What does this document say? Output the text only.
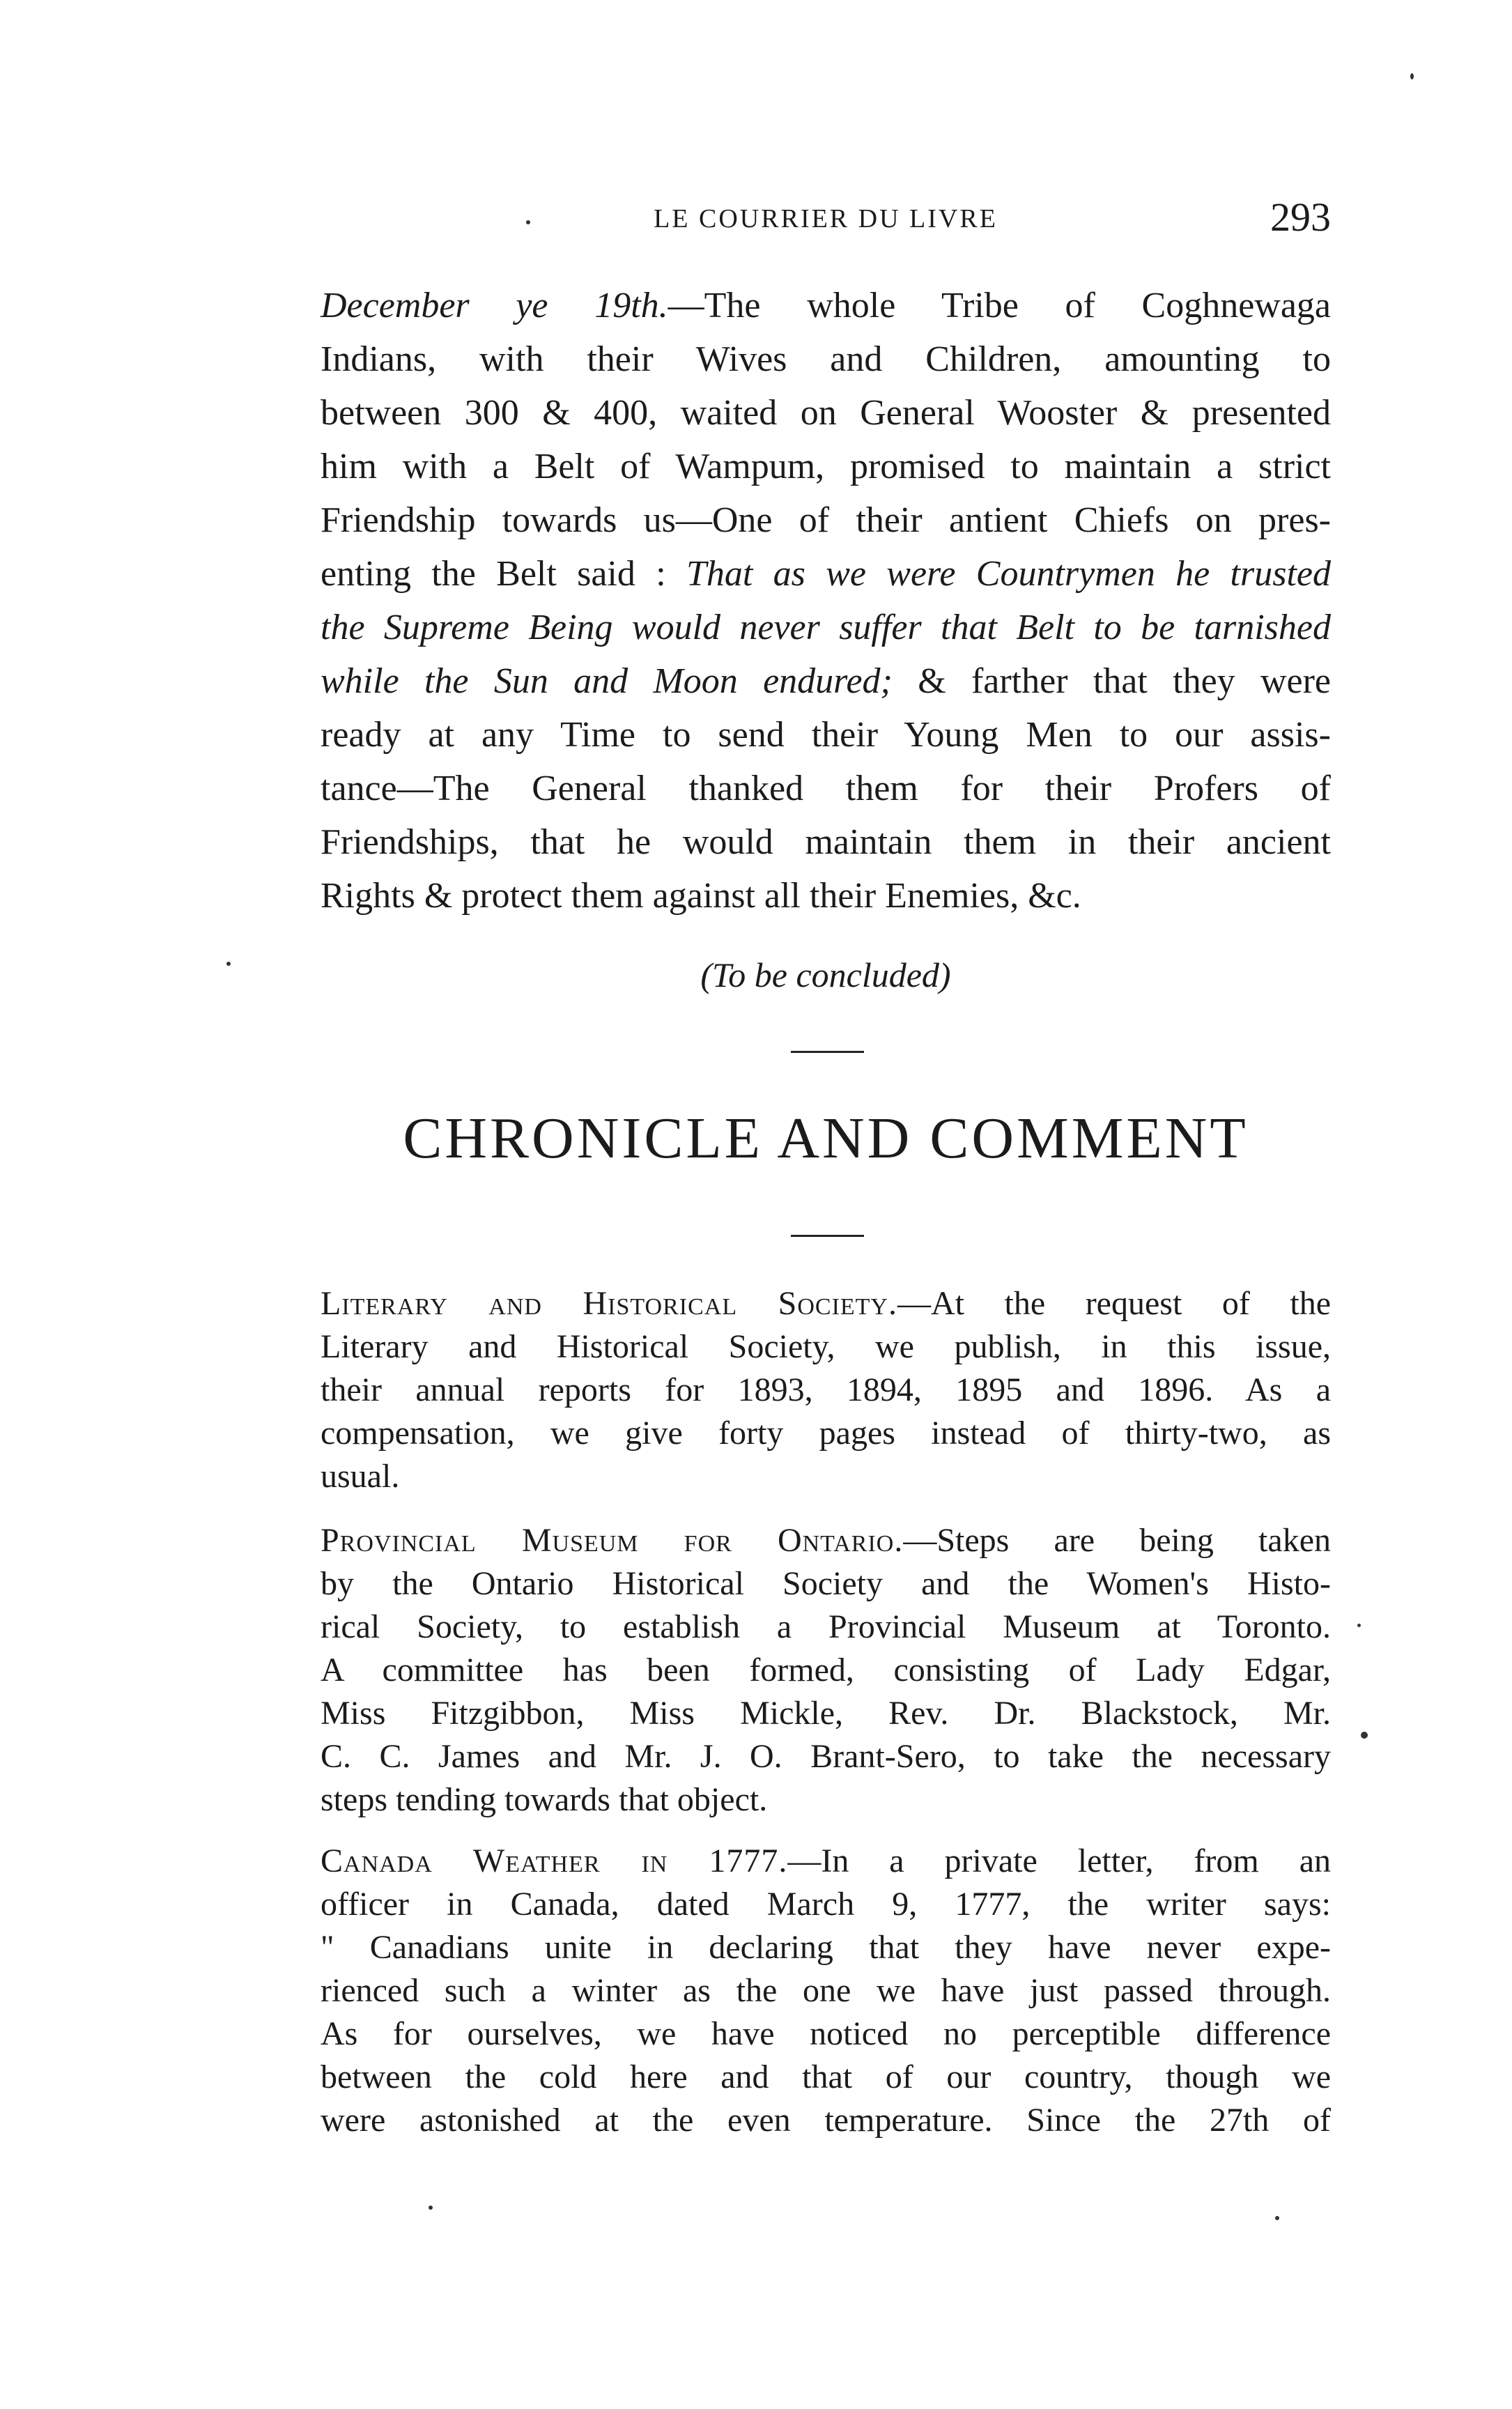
LE COURRIER DU LIVRE	293
December ye 19th.—The whole Tribe of Coghnewaga
Indians, with their Wives and Children, amounting to
between 300 & 400, waited on General Wooster & presented
him with a Belt of Wampum, promised to maintain a strict
Friendship towards us—One of their antient Chiefs on pres-
enting the Belt said : That as we were Countrymen he trusted
the Supreme Being would never suffer that Belt to be tarnished
while the Sun and Moon endured; & farther that they were
ready at any Time to send their Young Men to our assis-
tance—The General thanked them for their Profers of
Friendships, that he would maintain them in their ancient
Rights & protect them against all their Enemies, &c.
(To be concluded)
CHRONICLE AND COMMENT
Literary and Historical Society.—At the request of the
Literary and Historical Society, we publish, in this issue,
their annual reports for 1893, 1894, 1895 and 1896. As a
compensation, we give forty pages instead of thirty-two, as
usual.
Provincial Museum for Ontario.—Steps are being taken
by the Ontario Historical Society and the Women's Histo-
rical Society, to establish a Provincial Museum at Toronto.
A committee has been formed, consisting of Lady Edgar,
Miss Fitzgibbon, Miss Mickle, Rev. Dr. Blackstock, Mr.
C. C. James and Mr. J. O. Brant-Sero, to take the necessary
steps tending towards that object.
Canada Weather in 1777.—In a private letter, from an
officer in Canada, dated March 9, 1777, the writer says:
" Canadians unite in declaring that they have never expe-
rienced such a winter as the one we have just passed through.
As for ourselves, we have noticed no perceptible difference
between the cold here and that of our country, though we
were astonished at the even temperature. Since the 27th of
